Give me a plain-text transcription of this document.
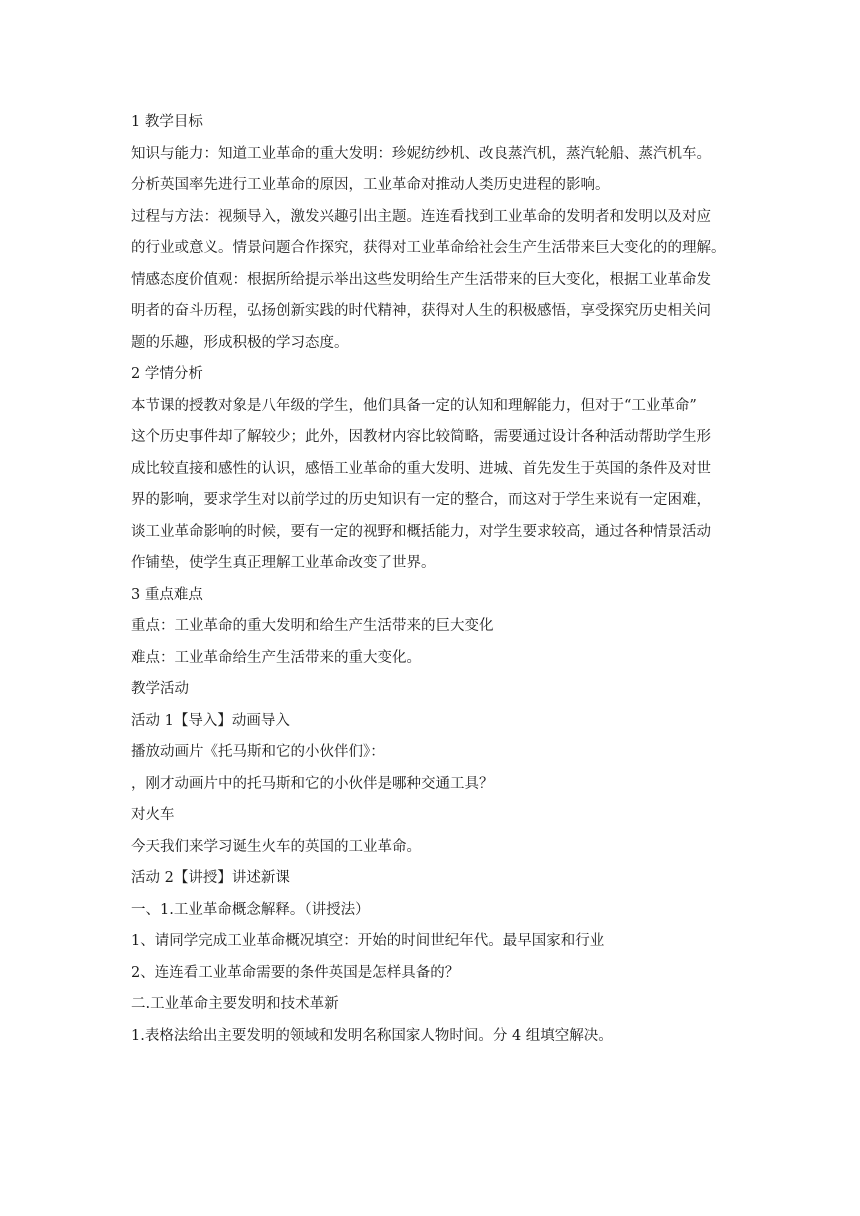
1 教学目标
知识与能力：知道工业革命的重大发明：珍妮纺纱机、改良蒸汽机，蒸汽轮船、蒸汽机车。
分析英国率先进行工业革命的原因，工业革命对推动人类历史进程的影响。
过程与方法：视频导入，激发兴趣引出主题。连连看找到工业革命的发明者和发明以及对应
的行业或意义。情景问题合作探究，获得对工业革命给社会生产生活带来巨大变化的的理解。
情感态度价值观：根据所给提示举出这些发明给生产生活带来的巨大变化，根据工业革命发
明者的奋斗历程，弘扬创新实践的时代精神，获得对人生的积极感悟，享受探究历史相关问
题的乐趣，形成积极的学习态度。
2 学情分析
本节课的授教对象是八年级的学生，他们具备一定的认知和理解能力，但对于“工业革命”
这个历史事件却了解较少；此外，因教材内容比较简略，需要通过设计各种活动帮助学生形
成比较直接和感性的认识，感悟工业革命的重大发明、进城、首先发生于英国的条件及对世
界的影响，要求学生对以前学过的历史知识有一定的整合，而这对于学生来说有一定困难，
谈工业革命影响的时候，要有一定的视野和概括能力，对学生要求较高，通过各种情景活动
作铺垫，使学生真正理解工业革命改变了世界。
3 重点难点
重点：工业革命的重大发明和给生产生活带来的巨大变化
难点：工业革命给生产生活带来的重大变化。
教学活动
活动 1【导入】动画导入
播放动画片《托马斯和它的小伙伴们》：
，刚才动画片中的托马斯和它的小伙伴是哪种交通工具？
对火车
今天我们来学习诞生火车的英国的工业革命。
活动 2【讲授】讲述新课
一、1.工业革命概念解释。（讲授法）
1、请同学完成工业革命概况填空：开始的时间世纪年代。最早国家和行业
2、连连看工业革命需要的条件英国是怎样具备的？
二.工业革命主要发明和技术革新
1.表格法给出主要发明的领域和发明名称国家人物时间。分 4 组填空解决。
